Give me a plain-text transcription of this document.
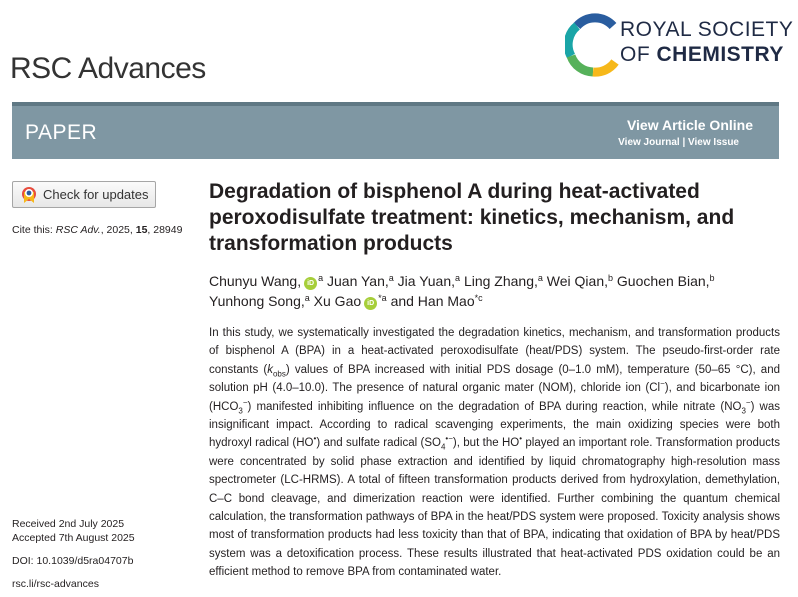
RSC Advances
ROYAL SOCIETY
OF CHEMISTRY
PAPER	View Article Online
View Journal | View Issue
Check for updates
Cite this: RSC Adv., 2025, 15, 28949
Received 2nd July 2025
Accepted 7th August 2025
DOI: 10.1039/d5ra04707b
rsc.li/rsc-advances
Degradation of bisphenol A during heat-activated peroxodisulfate treatment: kinetics, mechanism, and transformation products
Chunyu Wang, $iD^a$ Juan Yan,$^a$ Jia Yuan,$^a$ Ling Zhang,$^a$ Wei Qian,$^b$ Guochen Bian,$^b$
Yunhong Song,$^a$ Xu Gao $iD^{*a}$ and Han Mao$^{*c}$
In this study, we systematically investigated the degradation kinetics, mechanism, and transformation products of bisphenol A (BPA) in a heat-activated peroxodisulfate (heat/PDS) system. The pseudo-first-order rate constants $(k_{obs})$ values of BPA increased with initial PDS dosage (0–1.0 mM), temperature (50–65 °C), and solution pH (4.0–10.0). The presence of natural organic mater (NOM), chloride ion (Cl−), and bicarbonate ion $(HCO_3^-)$ manifested inhibiting influence on the degradation of BPA during reaction, while nitrate $(NO_3^-)$ was insignificant impact. According to radical scavenging experiments, the main oxidizing species were both hydroxyl radical (HO•) and sulfate radical $(SO_4^{•-})$, but the HO• played an important role. Transformation products were concentrated by solid phase extraction and identified by liquid chromatography high-resolution mass spectrometer (LC-HRMS). A total of fifteen transformation products derived from hydroxylation, demethylation, C–C bond cleavage, and dimerization reaction were identified. Further combining the quantum chemical calculation, the transformation pathways of BPA in the heat/PDS system were proposed. Toxicity analysis shows most of transformation products had less toxicity than that of BPA, indicating that oxidation of BPA by heat/PDS system was a detoxification process. These results illustrated that heat-activated PDS oxidation could be an efficient method to remove BPA from contaminated water.
